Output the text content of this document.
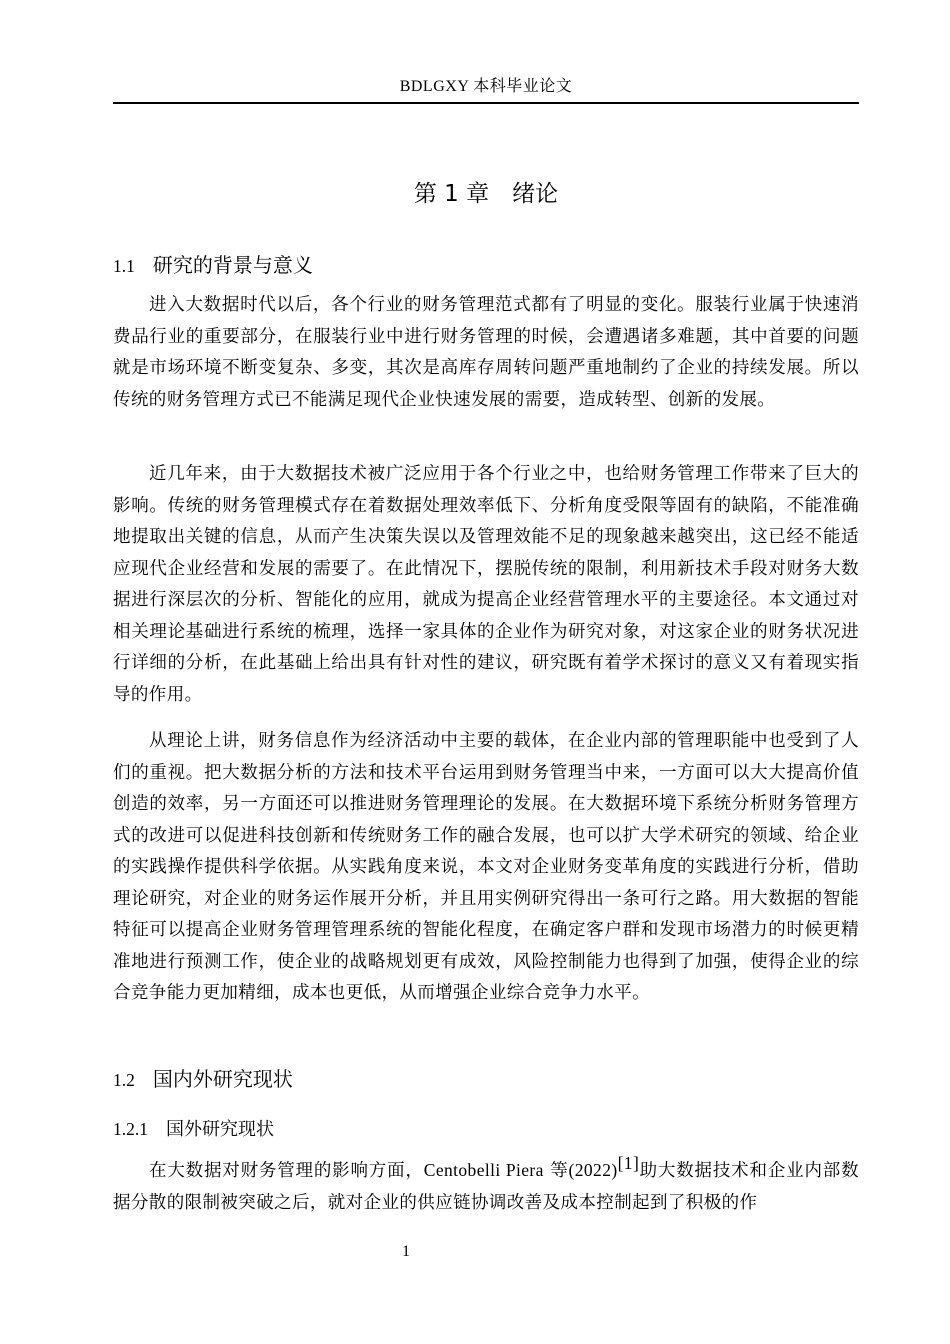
BDLGXY 本科毕业论文
第 1 章　 绪论
1.1 研究的背景与意义

进入大数据时代以后，各个行业的财务管理范式都有了明显的变化。服装行业属于快速消费品行业的重要部分，在服装行业中进行财务管理的时候，会遭遇诸多难题，其中首要的问题就是市场环境不断变复杂、多变，其次是高库存周转问题严重地制约了企业的持续发展。所以传统的财务管理方式已不能满足现代企业快速发展的需要，造成转型、创新的发展。

近几年来，由于大数据技术被广泛应用于各个行业之中，也给财务管理工作带来了巨大的影响。传统的财务管理模式存在着数据处理效率低下、分析角度受限等固有的缺陷，不能准确地提取出关键的信息，从而产生决策失误以及管理效能不足的现象越来越突出，这已经不能适应现代企业经营和发展的需要了。在此情况下，摆脱传统的限制，利用新技术手段对财务大数据进行深层次的分析、智能化的应用，就成为提高企业经营管理水平的主要途径。本文通过对相关理论基础进行系统的梳理，选择一家具体的企业作为研究对象，对这家企业的财务状况进行详细的分析，在此基础上给出具有针对性的建议，研究既有着学术探讨的意义又有着现实指导的作用。

从理论上讲，财务信息作为经济活动中主要的载体，在企业内部的管理职能中也受到了人们的重视。把大数据分析的方法和技术平台运用到财务管理当中来，一方面可以大大提高价值创造的效率，另一方面还可以推进财务管理理论的发展。在大数据环境下系统分析财务管理方式的改进可以促进科技创新和传统财务工作的融合发展，也可以扩大学术研究的领域、给企业的实践操作提供科学依据。从实践角度来说，本文对企业财务变革角度的实践进行分析，借助理论研究，对企业的财务运作展开分析，并且用实例研究得出一条可行之路。用大数据的智能特征可以提高企业财务管理管理系统的智能化程度，在确定客户群和发现市场潜力的时候更精准地进行预测工作，使企业的战略规划更有成效，风险控制能力也得到了加强，使得企业的综合竞争能力更加精细，成本也更低，从而增强企业综合竞争力水平。

1.2 国内外研究现状
1.2.1 国外研究现状

在大数据对财务管理的影响方面，Centobelli Piera 等(2022)[1]助大数据技术和企业内部数据分散的限制被突破之后，就对企业的供应链协调改善及成本控制起到了积极的作

1
